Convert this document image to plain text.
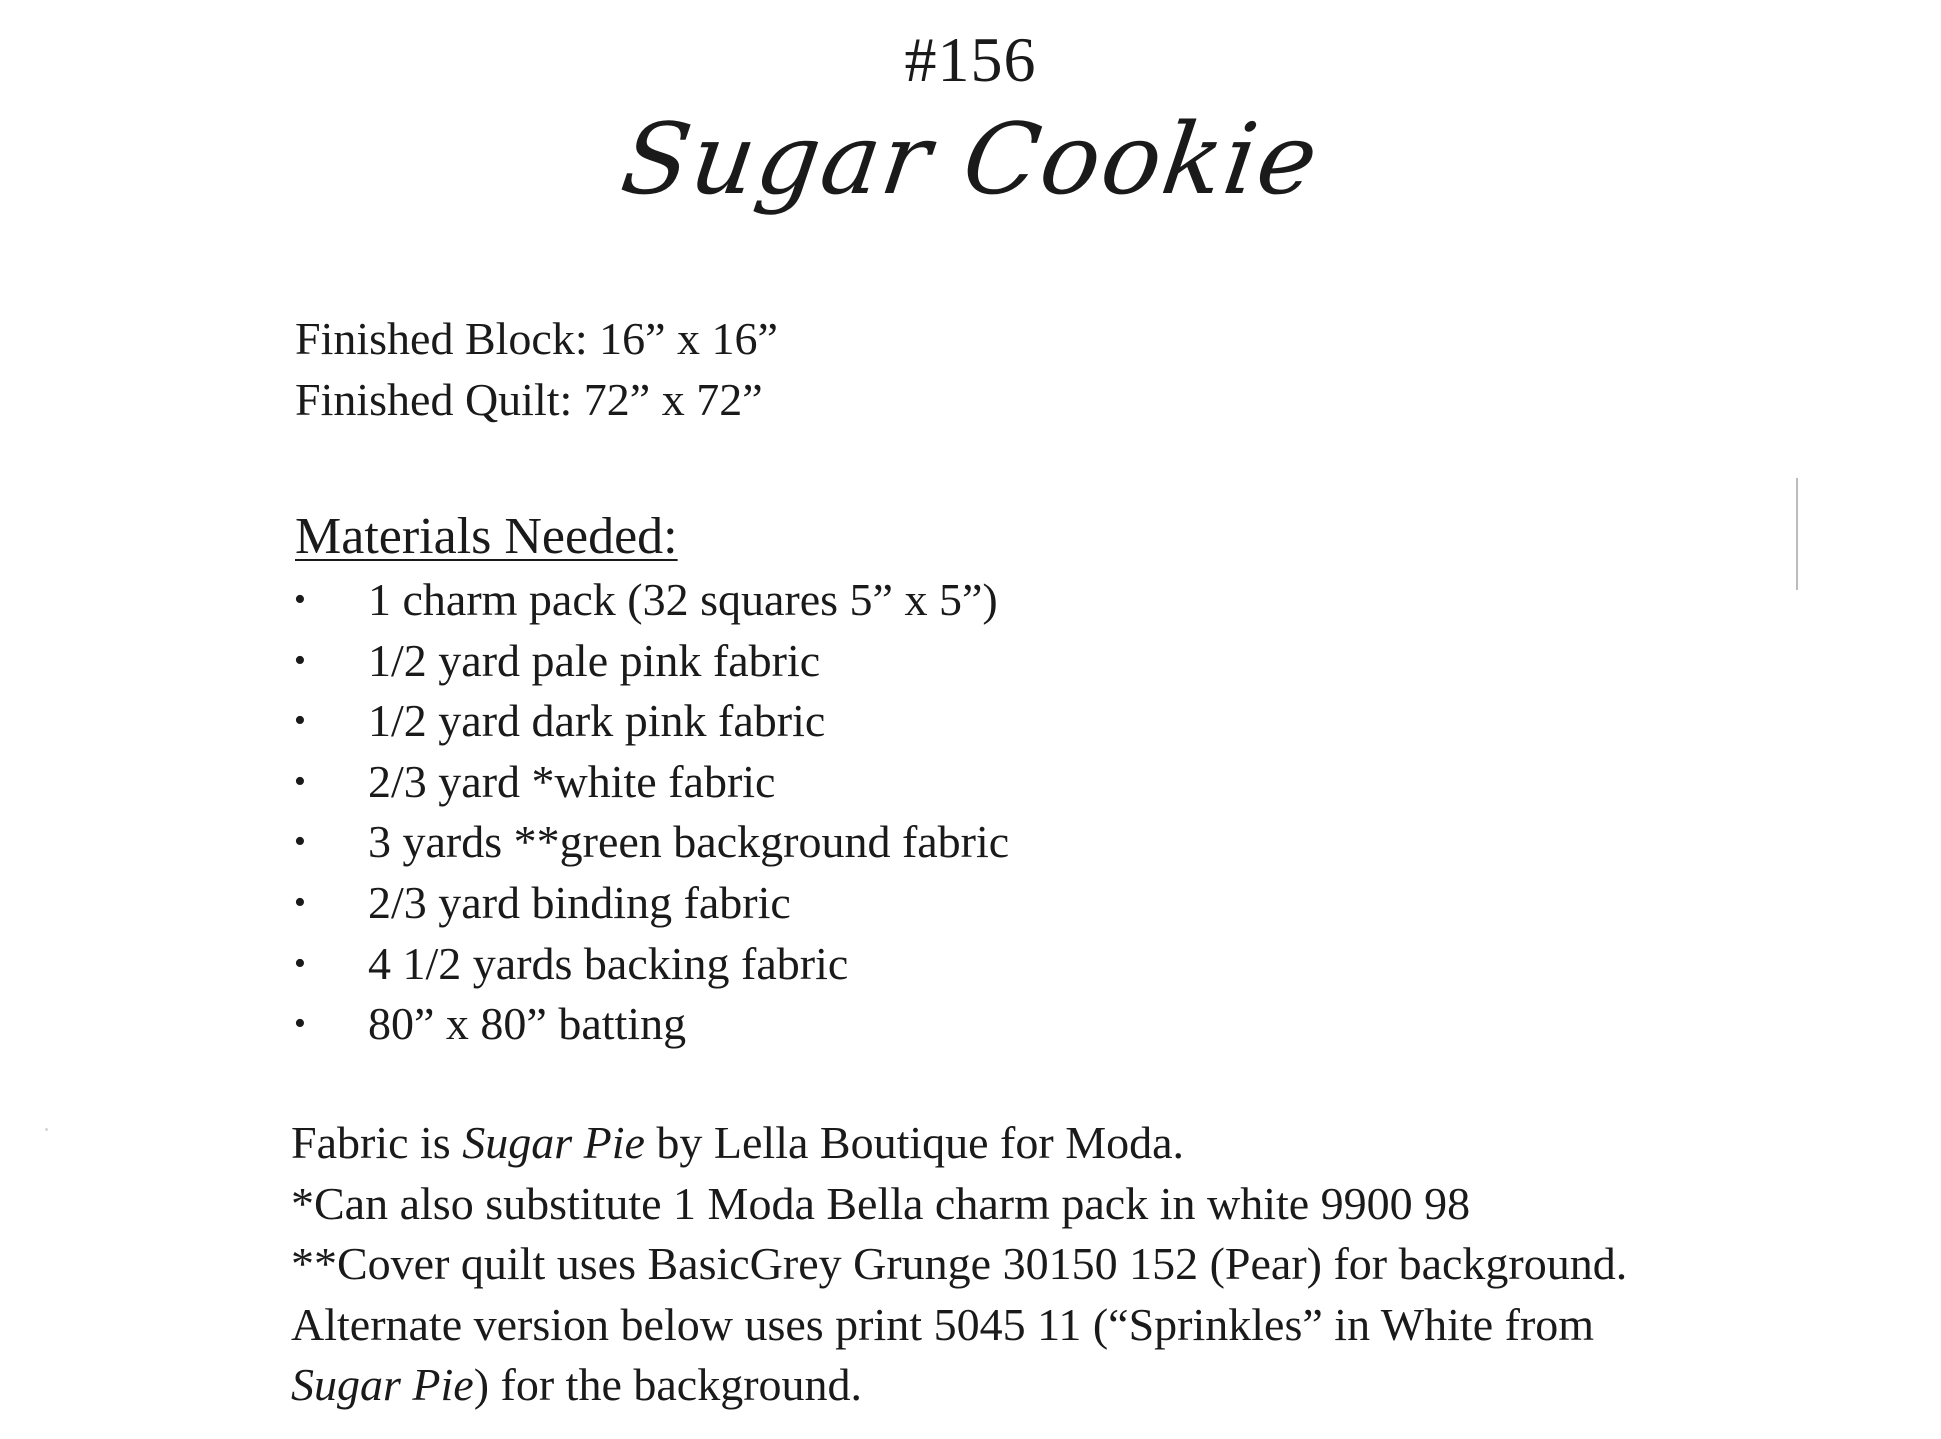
#156
Sugar Cookie
Finished Block: 16” x 16”
Finished Quilt: 72” x 72”
Materials Needed:
• 1 charm pack (32 squares 5” x 5”)
• 1/2 yard pale pink fabric
• 1/2 yard dark pink fabric
• 2/3 yard *white fabric
• 3 yards **green background fabric
• 2/3 yard binding fabric
• 4 1/2 yards backing fabric
• 80” x 80” batting
Fabric is Sugar Pie by Lella Boutique for Moda.
*Can also substitute 1 Moda Bella charm pack in white 9900 98
**Cover quilt uses BasicGrey Grunge 30150 152 (Pear) for background.
Alternate version below uses print 5045 11 (“Sprinkles” in White from
Sugar Pie) for the background.
